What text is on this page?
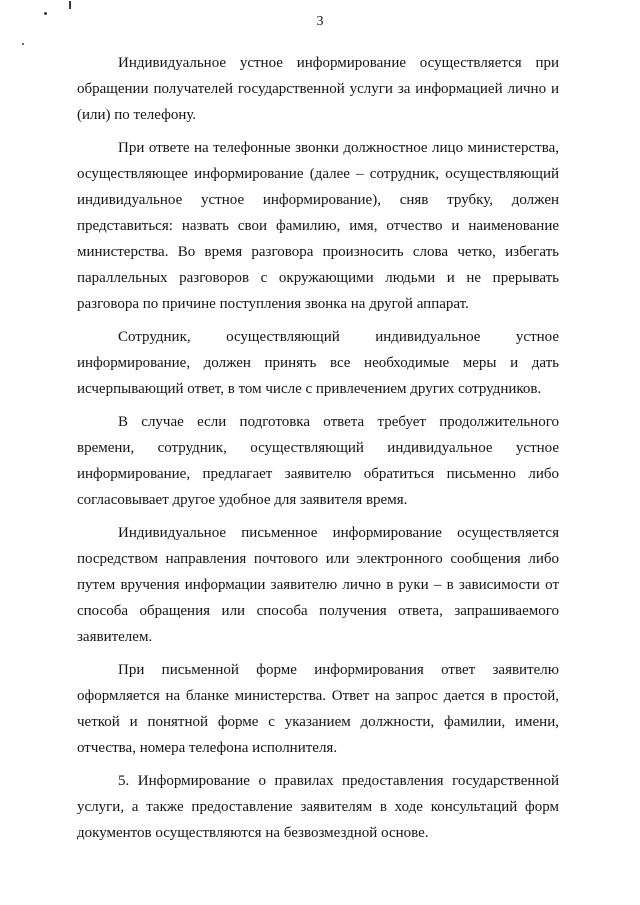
3

Индивидуальное устное информирование осуществляется при обращении получателей государственной услуги за информацией лично и (или) по телефону.

При ответе на телефонные звонки должностное лицо министерства, осуществляющее информирование (далее – сотрудник, осуществляющий индивидуальное устное информирование), сняв трубку, должен представиться: назвать свои фамилию, имя, отчество и наименование министерства. Во время разговора произносить слова четко, избегать параллельных разговоров с окружающими людьми и не прерывать разговора по причине поступления звонка на другой аппарат.

Сотрудник, осуществляющий индивидуальное устное информирование, должен принять все необходимые меры и дать исчерпывающий ответ, в том числе с привлечением других сотрудников.

В случае если подготовка ответа требует продолжительного времени, сотрудник, осуществляющий индивидуальное устное информирование, предлагает заявителю обратиться письменно либо согласовывает другое удобное для заявителя время.

Индивидуальное письменное информирование осуществляется посредством направления почтового или электронного сообщения либо путем вручения информации заявителю лично в руки – в зависимости от способа обращения или способа получения ответа, запрашиваемого заявителем.

При письменной форме информирования ответ заявителю оформляется на бланке министерства. Ответ на запрос дается в простой, четкой и понятной форме с указанием должности, фамилии, имени, отчества, номера телефона исполнителя.

5. Информирование о правилах предоставления государственной услуги, а также предоставление заявителям в ходе консультаций форм документов осуществляются на безвозмездной основе.
